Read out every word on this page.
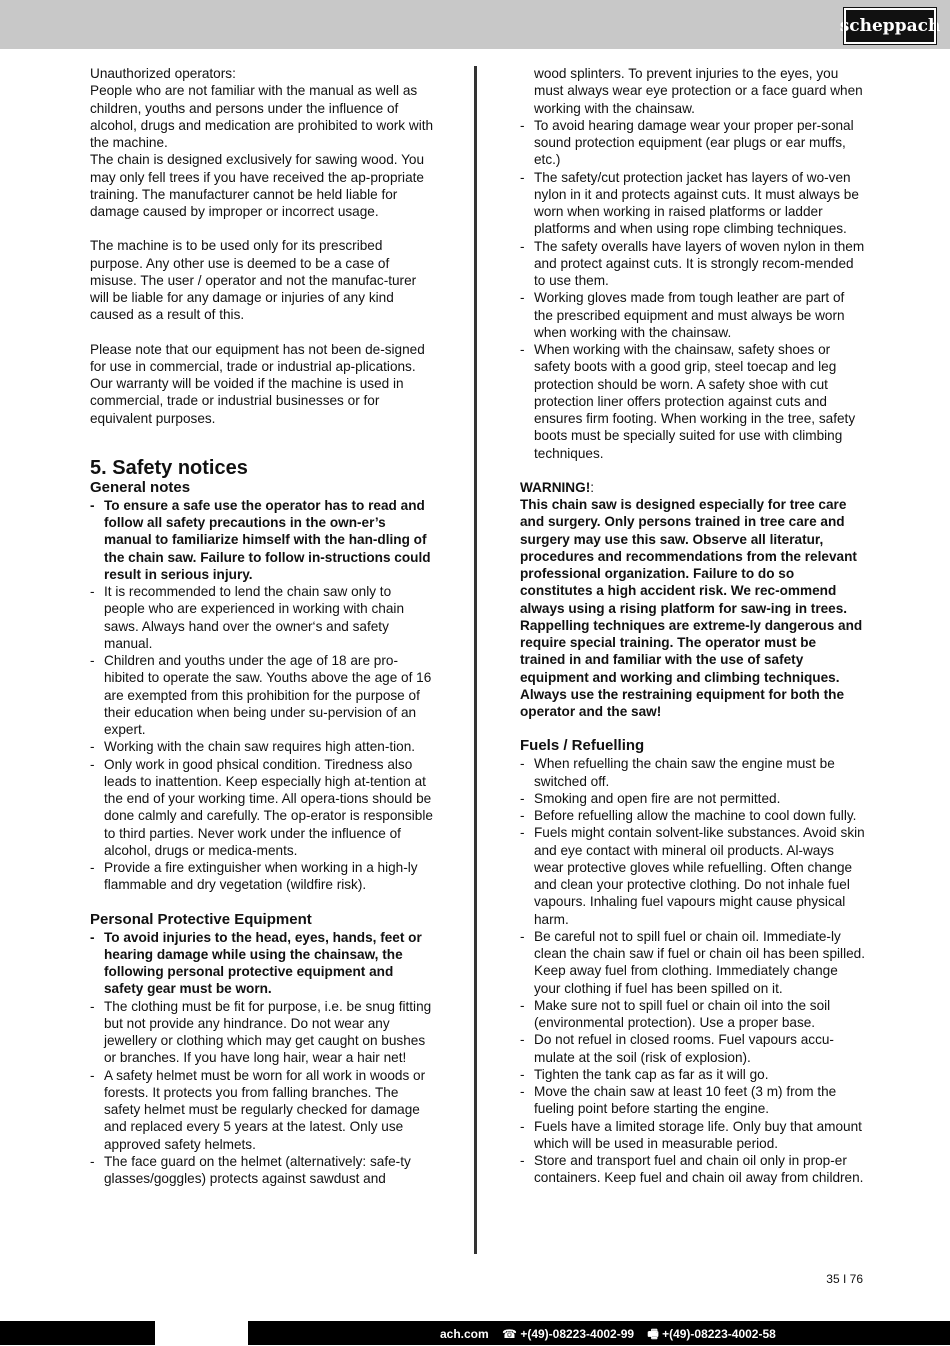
scheppach

Unauthorized operators:

People who are not familiar with the manual as well as children, youths and persons under the influence of alcohol, drugs and medication are prohibited to work with the machine.

The chain is designed exclusively for sawing wood. You may only fell trees if you have received the ap-propriate training. The manufacturer cannot be held liable for damage caused by improper or incorrect usage.

The machine is to be used only for its prescribed purpose. Any other use is deemed to be a case of misuse. The user / operator and not the manufac-turer will be liable for any damage or injuries of any kind caused as a result of this.

Please note that our equipment has not been de-signed for use in commercial, trade or industrial ap-plications. Our warranty will be voided if the machine is used in commercial, trade or industrial businesses or for equivalent purposes.

5. Safety notices
General notes
- To ensure a safe use the operator has to read and follow all safety precautions in the own-er’s manual to familiarize himself with the han-dling of the chain saw. Failure to follow in-structions could result in serious injury.
- It is recommended to lend the chain saw only to people who are experienced in working with chain saws. Always hand over the owner‘s and safety manual.
- Children and youths under the age of 18 are pro-hibited to operate the saw. Youths above the age of 16 are exempted from this prohibition for the purpose of their education when being under su-pervision of an expert.
- Working with the chain saw requires high atten-tion.
- Only work in good phsical condition. Tiredness also leads to inattention. Keep especially high at-tention at the end of your working time. All opera-tions should be done calmly and carefully. The op-erator is responsible to third parties. Never work under the influence of alcohol, drugs or medica-ments.
- Provide a fire extinguisher when working in a high-ly flammable and dry vegetation (wildfire risk).
Personal Protective Equipment
- To avoid injuries to the head, eyes, hands, feet or hearing damage while using the chainsaw, the following personal protective equipment and safety gear must be worn.
- The clothing must be fit for purpose, i.e. be snug fitting but not provide any hindrance. Do not wear any jewellery or clothing which may get caught on bushes or branches. If you have long hair, wear a hair net!
- A safety helmet must be worn for all work in woods or forests. It protects you from falling branches. The safety helmet must be regularly checked for damage and replaced every 5 years at the latest. Only use approved safety helmets.
- The face guard on the helmet (alternatively: safe-ty glasses/goggles) protects against sawdust and
wood splinters. To prevent injuries to the eyes, you must always wear eye protection or a face guard when working with the chainsaw.
- To avoid hearing damage wear your proper per-sonal sound protection equipment (ear plugs or ear muffs, etc.)
- The safety/cut protection jacket has layers of wo-ven nylon in it and protects against cuts. It must always be worn when working in raised platforms or ladder platforms and when using rope climbing techniques.
- The safety overalls have layers of woven nylon in them and protect against cuts. It is strongly recom-mended to use them.
- Working gloves made from tough leather are part of the prescribed equipment and must always be worn when working with the chainsaw.
- When working with the chainsaw, safety shoes or safety boots with a good grip, steel toecap and leg protection should be worn. A safety shoe with cut protection liner offers protection against cuts and ensures firm footing. When working in the tree, safety boots must be specially suited for use with climbing techniques.

WARNING!:

This chain saw is designed especially for tree care and surgery. Only persons trained in tree care and surgery may use this saw. Observe all literatur, procedures and recommendations from the relevant professional organization. Failure to do so constitutes a high accident risk. We rec-ommend always using a rising platform for saw-ing in trees. Rappelling techniques are extreme-ly dangerous and require special training. The operator must be trained in and familiar with the use of safety equipment and working and climbing techniques. Always use the restraining equipment for both the operator and the saw!

Fuels / Refuelling
- When refuelling the chain saw the engine must be switched off.
- Smoking and open fire are not permitted.
- Before refuelling allow the machine to cool down fully.
- Fuels might contain solvent-like substances. Avoid skin and eye contact with mineral oil products. Al-ways wear protective gloves while refuelling. Often change and clean your protective clothing. Do not inhale fuel vapours. Inhaling fuel vapours might cause physical harm.
- Be careful not to spill fuel or chain oil. Immediate-ly clean the chain saw if fuel or chain oil has been spilled. Keep away fuel from clothing. Immediately change your clothing if fuel has been spilled on it.
- Make sure not to spill fuel or chain oil into the soil (environmental protection). Use a proper base.
- Do not refuel in closed rooms. Fuel vapours accu-mulate at the soil (risk of explosion).
- Tighten the tank cap as far as it will go.
- Move the chain saw at least 10 feet (3 m) from the fueling point before starting the engine.
- Fuels have a limited storage life. Only buy that amount which will be used in measurable period.
- Store and transport fuel and chain oil only in prop-er containers. Keep fuel and chain oil away from children.
35 I 76
ach.com ☎ +(49)-08223-4002-99 🖷 +(49)-08223-4002-58
